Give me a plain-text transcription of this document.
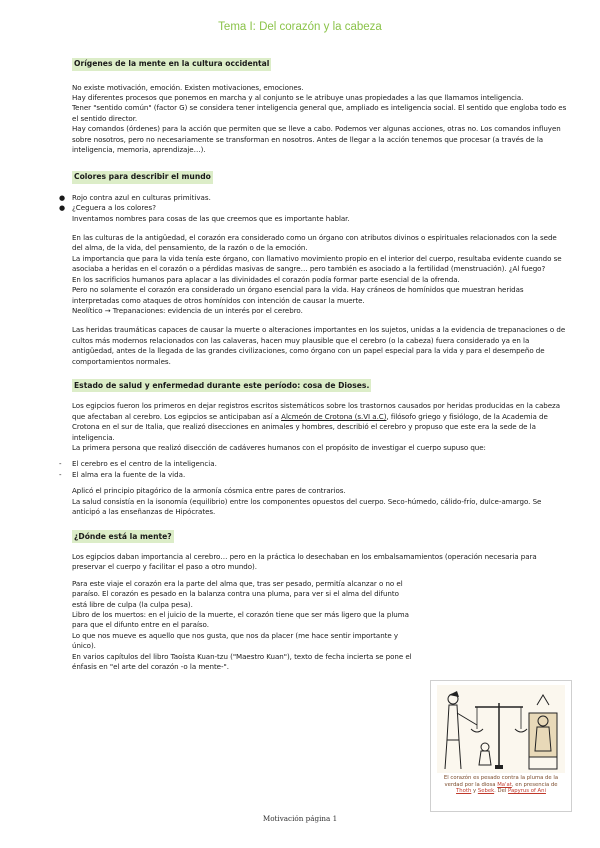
Tema I: Del corazón y la cabeza
Orígenes de la mente en la cultura occidental

No existe motivación, emoción. Existen motivaciones, emociones.

Hay diferentes procesos que ponemos en marcha y al conjunto se le atribuye unas propiedades a las que llamamos inteligencia.

Tener "sentido común" (factor G) se considera tener inteligencia general que, ampliado es inteligencia social. El sentido que engloba todo es el sentido director.

Hay comandos (órdenes) para la acción que permiten que se lleve a cabo. Podemos ver algunas acciones, otras no. Los comandos influyen sobre nosotros, pero no necesariamente se transforman en nosotros. Antes de llegar a la acción tenemos que procesar (a través de la inteligencia, memoria, aprendizaje…).

Colores para describir el mundo
● Rojo contra azul en culturas primitivas.
● ¿Ceguera a los colores?

Inventamos nombres para cosas de las que creemos que es importante hablar.

En las culturas de la antigüedad, el corazón era considerado como un órgano con atributos divinos o espirituales relacionados con la sede del alma, de la vida, del pensamiento, de la razón o de la emoción.

La importancia que para la vida tenía este órgano, con llamativo movimiento propio en el interior del cuerpo, resultaba evidente cuando se asociaba a heridas en el corazón o a pérdidas masivas de sangre… pero también es asociado a la fertilidad (menstruación). ¿Al fuego?

En los sacrificios humanos para aplacar a las divinidades el corazón podía formar parte esencial de la ofrenda.

Pero no solamente el corazón era considerado un órgano esencial para la vida. Hay cráneos de homínidos que muestran heridas interpretadas como ataques de otros homínidos con intención de causar la muerte.

Neolítico → Trepanaciones: evidencia de un interés por el cerebro.

Las heridas traumáticas capaces de causar la muerte o alteraciones importantes en los sujetos, unidas a la evidencia de trepanaciones o de cultos más modernos relacionados con las calaveras, hacen muy plausible que el cerebro (o la cabeza) fuera considerado ya en la antigüedad, antes de la llegada de las grandes civilizaciones, como órgano con un papel especial para la vida y para el desempeño de comportamientos normales.

Estado de salud y enfermedad durante este período: cosa de Dioses.

Los egipcios fueron los primeros en dejar registros escritos sistemáticos sobre los trastornos causados por heridas producidas en la cabeza que afectaban al cerebro. Los egipcios se anticipaban así a Alcmeón de Crotona (s.VI a.C), filósofo griego y fisiólogo, de la Academia de Crotona en el sur de Italia, que realizó disecciones en animales y hombres, describió el cerebro y propuso que este era la sede de la inteligencia.

La primera persona que realizó disección de cadáveres humanos con el propósito de investigar el cuerpo supuso que:

- El cerebro es el centro de la inteligencia.
- El alma era la fuente de la vida.

Aplicó el principio pitagórico de la armonía cósmica entre pares de contrarios.

La salud consistía en la isonomía (equilibrio) entre los componentes opuestos del cuerpo. Seco-húmedo, cálido-frío, dulce-amargo. Se anticipó a las enseñanzas de Hipócrates.

¿Dónde está la mente?

Los egipcios daban importancia al cerebro… pero en la práctica lo desechaban en los embalsamamientos (operación necesaria para preservar el cuerpo y facilitar el paso a otro mundo).

Para este viaje el corazón era la parte del alma que, tras ser pesado, permitía alcanzar o no el paraíso. El corazón es pesado en la balanza contra una pluma, para ver si el alma del difunto está libre de culpa (la culpa pesa).

Libro de los muertos: en el juicio de la muerte, el corazón tiene que ser más ligero que la pluma para que el difunto entre en el paraíso.

Lo que nos mueve es aquello que nos gusta, que nos da placer (me hace sentir importante y único).

En varios capítulos del libro Taoísta Kuan-tzu ("Maestro Kuan"), texto de fecha incierta se pone el énfasis en "el arte del corazón -o la mente-".

El corazón es pesado contra la pluma de la verdad por la diosa Ma'at, en presencia de Thoth y Sebek. Del Papyrus of Ani
Motivación página 1
